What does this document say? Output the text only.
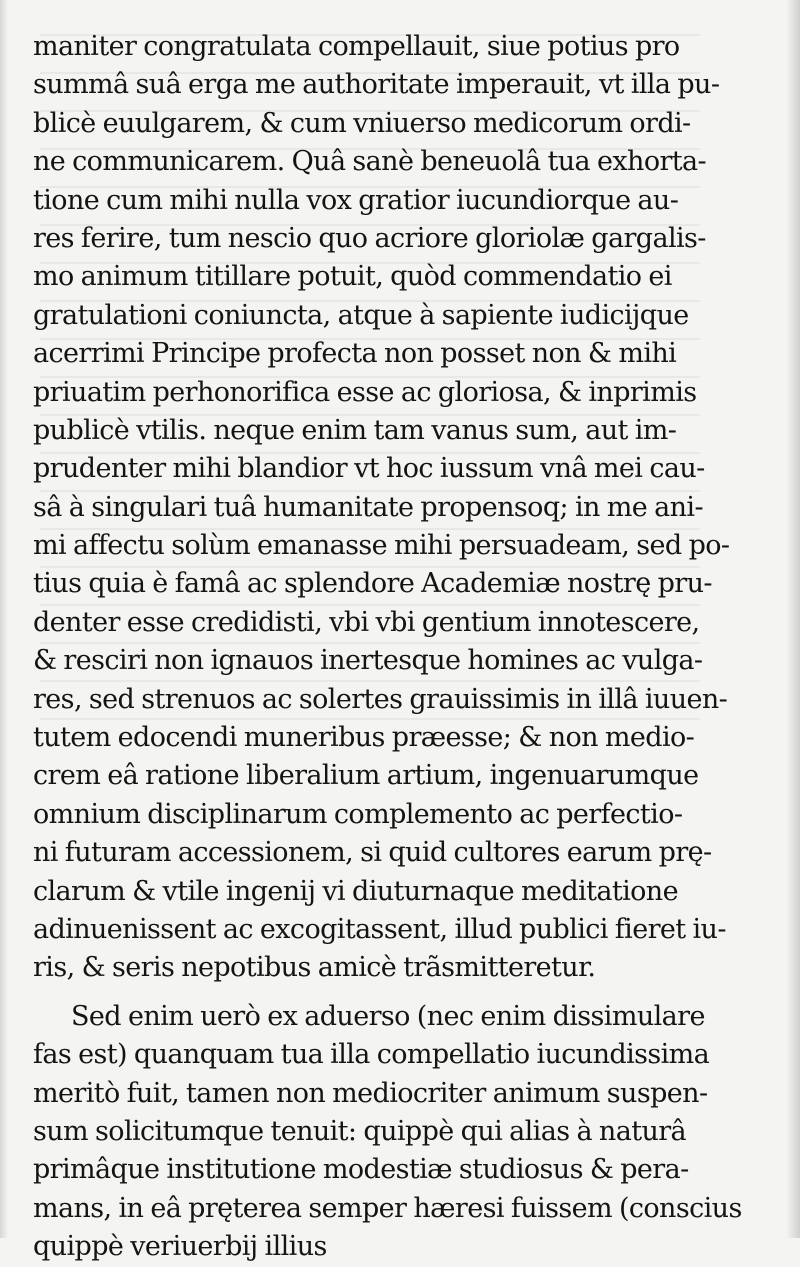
maniter congratulata compellauit, siue potius pro
summâ suâ erga me authoritate imperauit, vt illa pu-
blicè euulgarem, & cum vniuerso medicorum ordi-
ne communicarem. Quâ sanè beneuolâ tua exhorta-
tione cum mihi nulla vox gratior iucundiorque au-
res ferire, tum nescio quo acriore gloriolæ gargalis-
mo animum titillare potuit, quòd commendatio ei
gratulationi coniuncta, atque à sapiente iudicijque
acerrimi Principe profecta non posset non & mihi
priuatim perhonorifica esse ac gloriosa, & inprimis
publicè vtilis. neque enim tam vanus sum, aut im-
prudenter mihi blandior vt hoc iussum vnâ mei cau-
sâ à singulari tuâ humanitate propensoq; in me ani-
mi affectu solùm emanasse mihi persuadeam, sed po-
tius quia è famâ ac splendore Academiæ nostrę pru-
denter esse credidisti, vbi vbi gentium innotescere,
& resciri non ignauos inertesque homines ac vulga-
res, sed strenuos ac solertes grauissimis in illâ iuuen-
tutem edocendi muneribus præesse; & non medio-
crem eâ ratione liberalium artium, ingenuarumque
omnium disciplinarum complemento ac perfectio-
ni futuram accessionem, si quid cultores earum prę-
clarum & vtile ingenij vi diuturnaque meditatione
adinuenissent ac excogitassent, illud publici fieret iu-
ris, & seris nepotibus amicè trãsmitteretur.
Sed enim uerò ex aduerso (nec enim dissimulare
fas est) quanquam tua illa compellatio iucundissima
meritò fuit, tamen non mediocriter animum suspen-
sum solicitumque tenuit: quippè qui alias à naturâ
primâque institutione modestiæ studiosus & pera-
mans, in eâ pręterea semper hæresi fuissem (conscius
quippè veriuerbij illius
